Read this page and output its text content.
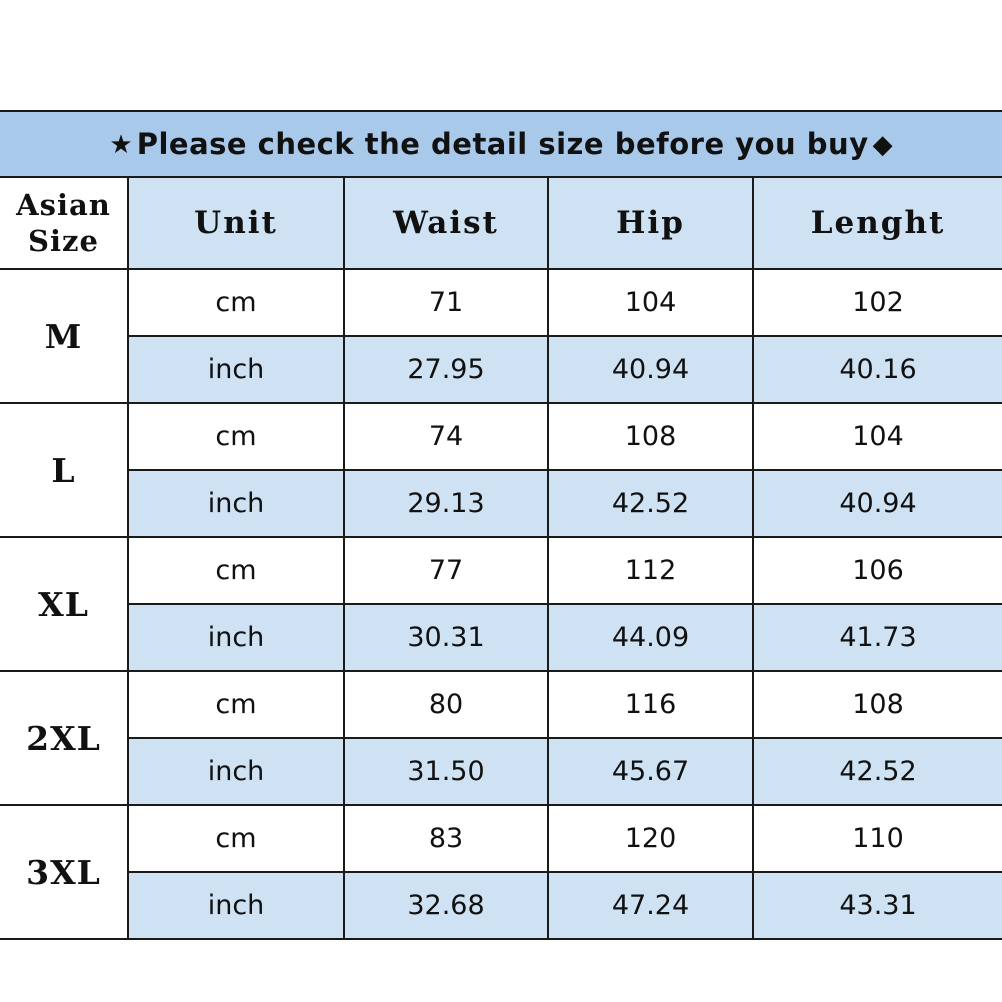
★ Please check the detail size before you buy ◆				

Asian
Size	Unit	Waist	Hip	Lenght
M	cm	71	104	102
	inch	27.95	40.94	40.16
L	cm	74	108	104
	inch	29.13	42.52	40.94
XL	cm	77	112	106
	inch	30.31	44.09	41.73
2XL	cm	80	116	108
	inch	31.50	45.67	42.52
3XL	cm	83	120	110
	inch	32.68	47.24	43.31
